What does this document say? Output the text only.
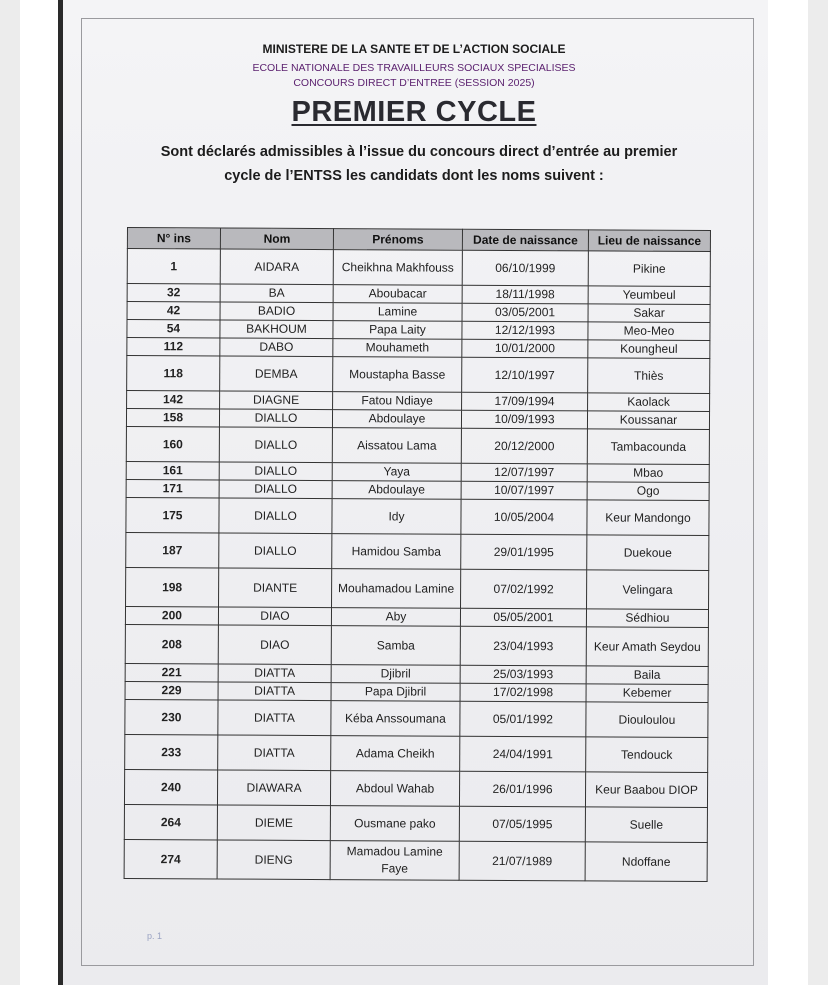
MINISTERE DE LA SANTE ET DE L’ACTION SOCIALE
ECOLE NATIONALE DES TRAVAILLEURS SOCIAUX SPECIALISES
CONCOURS DIRECT D’ENTREE (SESSION 2025)
PREMIER CYCLE
Sont déclarés admissibles à l’issue du concours direct d’entrée au premier
cycle de l’ENTSS les candidats dont les noms suivent :
N° ins	Nom	Prénoms	Date de naissance	Lieu de naissance
1	AIDARA	Cheikhna Makhfouss	06/10/1999	Pikine
32	BA	Aboubacar	18/11/1998	Yeumbeul
42	BADIO	Lamine	03/05/2001	Sakar
54	BAKHOUM	Papa Laity	12/12/1993	Meo-Meo
112	DABO	Mouhameth	10/01/2000	Koungheul
118	DEMBA	Moustapha Basse	12/10/1997	Thiès
142	DIAGNE	Fatou Ndiaye	17/09/1994	Kaolack
158	DIALLO	Abdoulaye	10/09/1993	Koussanar
160	DIALLO	Aissatou Lama	20/12/2000	Tambacounda
161	DIALLO	Yaya	12/07/1997	Mbao
171	DIALLO	Abdoulaye	10/07/1997	Ogo
175	DIALLO	Idy	10/05/2004	Keur Mandongo
187	DIALLO	Hamidou Samba	29/01/1995	Duekoue
198	DIANTE	Mouhamadou Lamine	07/02/1992	Velingara
200	DIAO	Aby	05/05/2001	Sédhiou
208	DIAO	Samba	23/04/1993	Keur Amath Seydou
221	DIATTA	Djibril	25/03/1993	Baila
229	DIATTA	Papa Djibril	17/02/1998	Kebemer
230	DIATTA	Kéba Anssoumana	05/01/1992	Diouloulou
233	DIATTA	Adama Cheikh	24/04/1991	Tendouck
240	DIAWARA	Abdoul Wahab	26/01/1996	Keur Baabou DIOP
264	DIEME	Ousmane pako	07/05/1995	Suelle
274	DIENG	Mamadou Lamine Faye	21/07/1989	Ndoffane
p. 1
